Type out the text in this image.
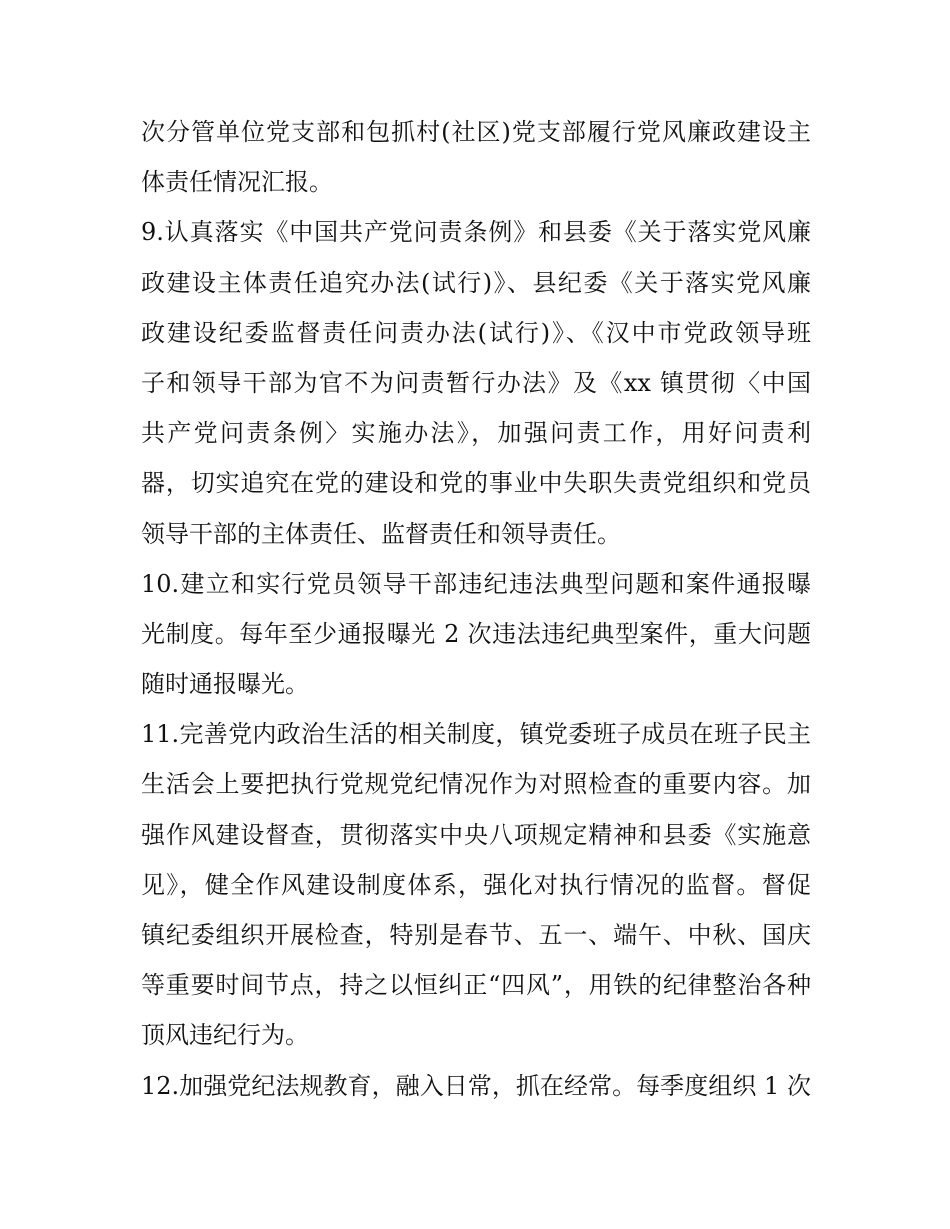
次分管单位党支部和包抓村(社区)党支部履行党风廉政建设主
体责任情况汇报。
9.认真落实《中国共产党问责条例》和县委《关于落实党风廉
政建设主体责任追究办法(试行)》、县纪委《关于落实党风廉
政建设纪委监督责任问责办法(试行)》、《汉中市党政领导班
子和领导干部为官不为问责暂行办法》及《xx 镇贯彻〈中国
共产党问责条例〉实施办法》，加强问责工作，用好问责利
器，切实追究在党的建设和党的事业中失职失责党组织和党员
领导干部的主体责任、监督责任和领导责任。
10.建立和实行党员领导干部违纪违法典型问题和案件通报曝
光制度。每年至少通报曝光 2 次违法违纪典型案件，重大问题
随时通报曝光。
11.完善党内政治生活的相关制度，镇党委班子成员在班子民主
生活会上要把执行党规党纪情况作为对照检查的重要内容。加
强作风建设督查，贯彻落实中央八项规定精神和县委《实施意
见》，健全作风建设制度体系，强化对执行情况的监督。督促
镇纪委组织开展检查，特别是春节、五一、端午、中秋、国庆
等重要时间节点，持之以恒纠正“四风”，用铁的纪律整治各种
顶风违纪行为。
12.加强党纪法规教育，融入日常，抓在经常。每季度组织 1 次
